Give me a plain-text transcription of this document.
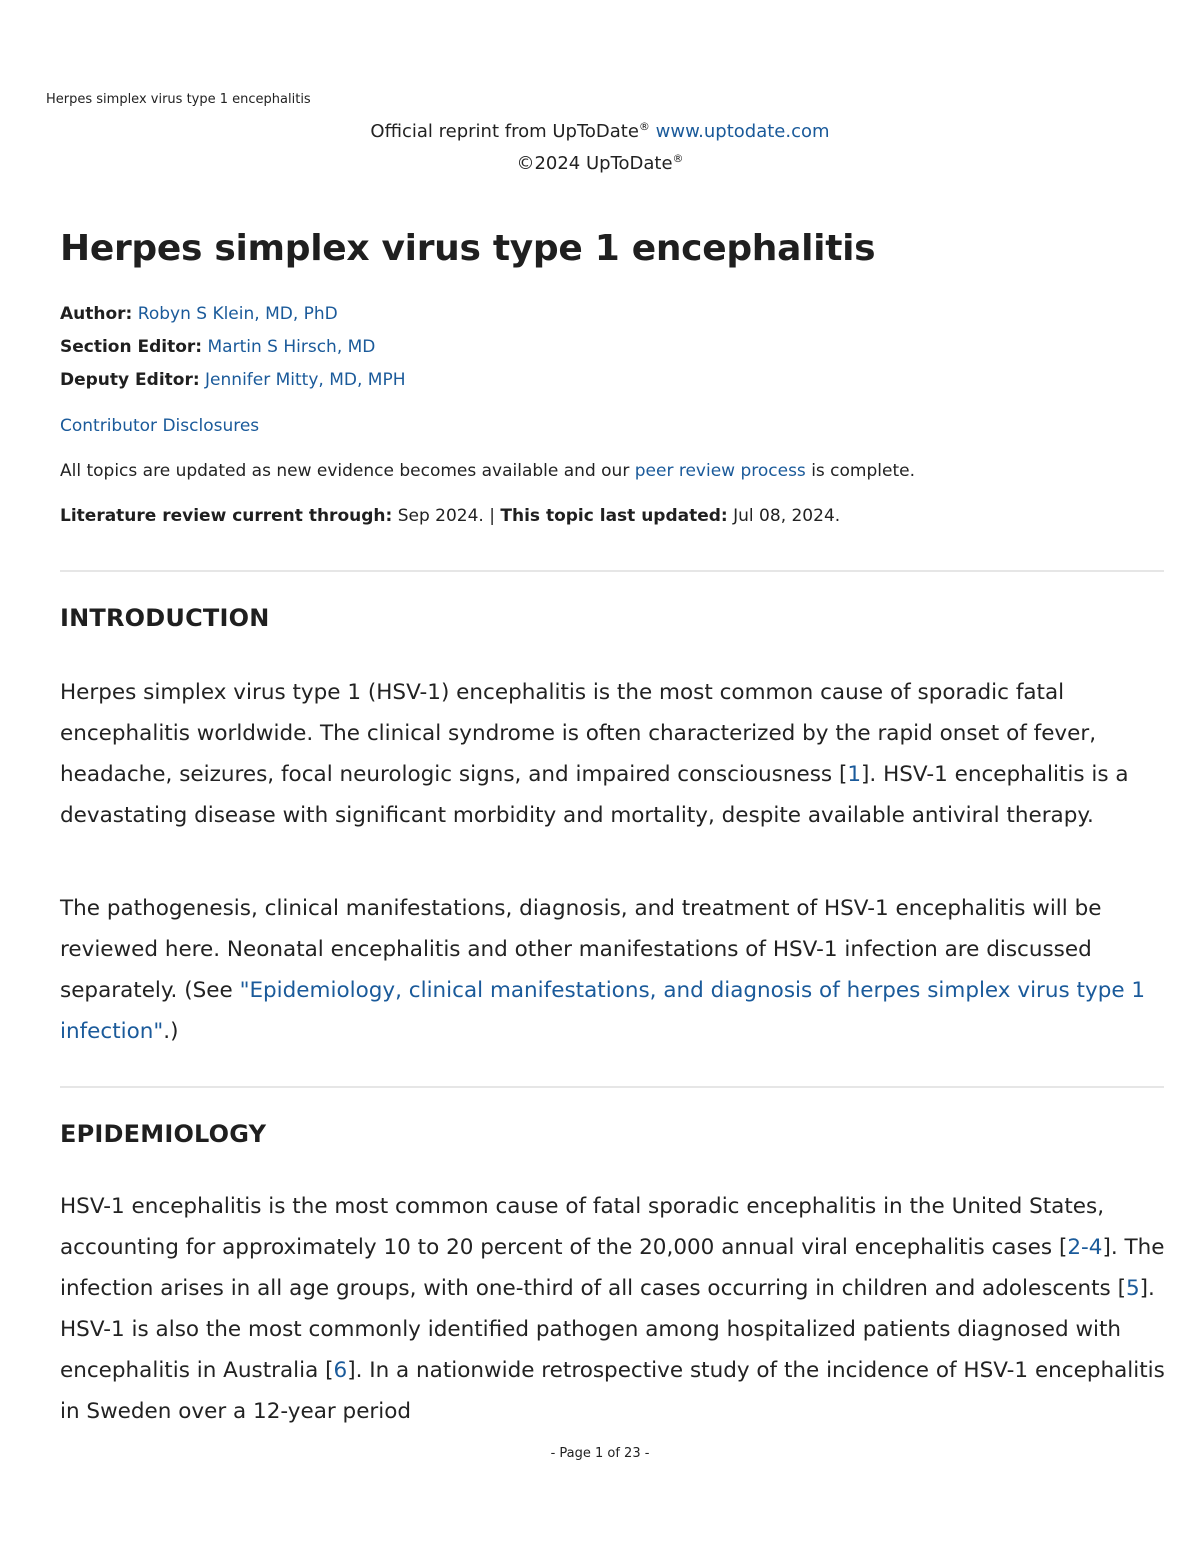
Herpes simplex virus type 1 encephalitis
Official reprint from UpToDate® www.uptodate.com
©2024 UpToDate®
Herpes simplex virus type 1 encephalitis
Author: Robyn S Klein, MD, PhD
Section Editor: Martin S Hirsch, MD
Deputy Editor: Jennifer Mitty, MD, MPH
Contributor Disclosures
All topics are updated as new evidence becomes available and our peer review process is complete.
Literature review current through: Sep 2024. | This topic last updated: Jul 08, 2024.
INTRODUCTION

Herpes simplex virus type 1 (HSV-1) encephalitis is the most common cause of sporadic fatal encephalitis worldwide. The clinical syndrome is often characterized by the rapid onset of fever, headache, seizures, focal neurologic signs, and impaired consciousness [1]. HSV-1 encephalitis is a devastating disease with significant morbidity and mortality, despite available antiviral therapy.

The pathogenesis, clinical manifestations, diagnosis, and treatment of HSV-1 encephalitis will be reviewed here. Neonatal encephalitis and other manifestations of HSV-1 infection are discussed separately. (See "Epidemiology, clinical manifestations, and diagnosis of herpes simplex virus type 1 infection".)

EPIDEMIOLOGY

HSV-1 encephalitis is the most common cause of fatal sporadic encephalitis in the United States, accounting for approximately 10 to 20 percent of the 20,000 annual viral encephalitis cases [2-4]. The infection arises in all age groups, with one-third of all cases occurring in children and adolescents [5]. HSV-1 is also the most commonly identified pathogen among hospitalized patients diagnosed with encephalitis in Australia [6]. In a nationwide retrospective study of the incidence of HSV-1 encephalitis in Sweden over a 12-year period

- Page 1 of 23 -
